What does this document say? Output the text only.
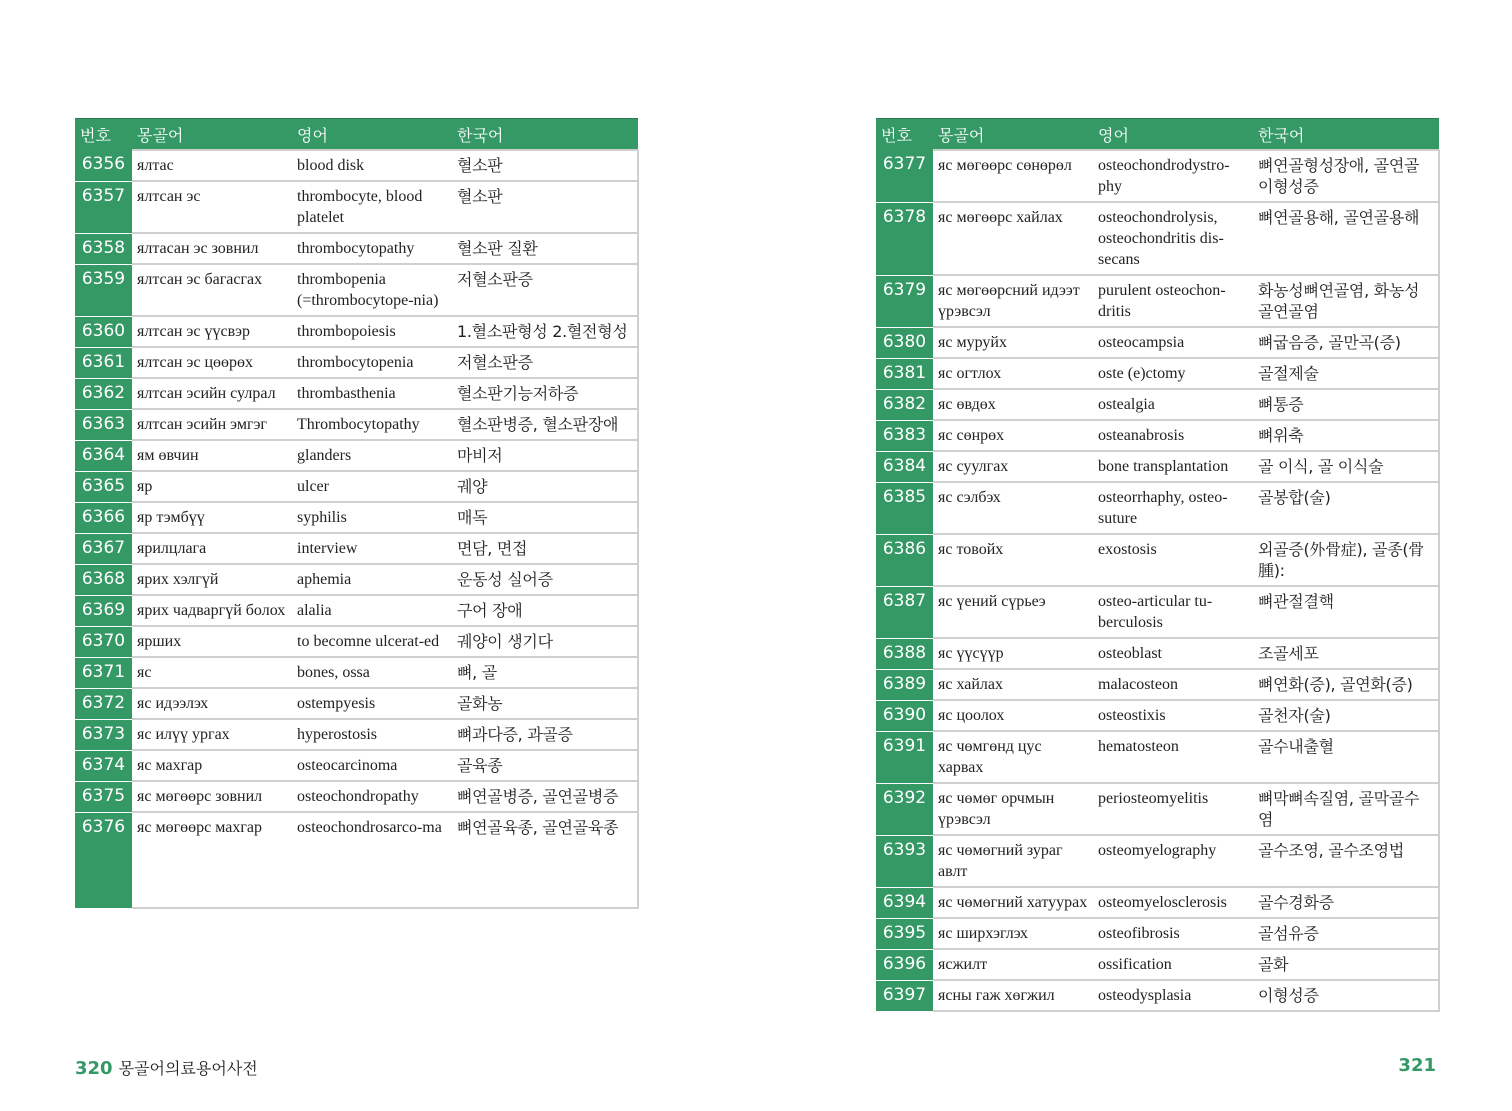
번호	몽골어	영어	한국어
6356	ялтас	blood disk	혈소판
6357	ялтсан эс	thrombocyte, blood platelet	혈소판
6358	ялтасан эс зовнил	thrombocytopathy	혈소판 질환
6359	ялтсан эс багасгах	thrombopenia (=thrombocytope-nia)	저혈소판증
6360	ялтсан эс үүсвэр	thrombopoiesis	1.혈소판형성 2.혈전형성
6361	ялтсан эс цөөрөх	thrombocytopenia	저혈소판증
6362	ялтсан эсийн сулрал	thrombasthenia	혈소판기능저하증
6363	ялтсан эсийн эмгэг	Thrombocytopathy	혈소판병증, 혈소판장애
6364	ям өвчин	glanders	마비저
6365	яр	ulcer	궤양
6366	яр тэмбүү	syphilis	매독
6367	ярилцлага	interview	면담, 면접
6368	ярих хэлгүй	aphemia	운동성 실어증
6369	ярих чадваргүй болох	alalia	구어 장애
6370	ярших	to becomne ulcerat-ed	궤양이 생기다
6371	яс	bones, ossa	뼈, 골
6372	яс идээлэх	ostempyesis	골화농
6373	яс илүү ургах	hyperostosis	뼈과다증, 과골증
6374	яс махгар	osteocarcinoma	골육종
6375	яс мөгөөрс зовнил	osteochondropathy	뼈연골병증, 골연골병증
6376	яс мөгөөрс махгар	osteochondrosarco-ma	뼈연골육종, 골연골육종
번호	몽골어	영어	한국어
6377	яс мөгөөрс сөнөрөл	osteochondrodystro-phy	뼈연골형성장애, 골연골이형성증
6378	яс мөгөөрс хайлах	osteochondrolysis, osteochondritis dis-secans	뼈연골용해, 골연골용해
6379	яс мөгөөрсний идээт үрэвсэл	purulent osteochon-dritis	화농성뼈연골염, 화농성골연골염
6380	яс муруйх	osteocampsia	뼈굽음증, 골만곡(증)
6381	яс огтлох	oste (e)ctomy	골절제술
6382	яс өвдөх	ostealgia	뼈통증
6383	яс сөнрөх	osteanabrosis	뼈위축
6384	яс суулгах	bone transplantation	골 이식, 골 이식술
6385	яс сэлбэх	osteorrhaphy, osteo-suture	골봉합(술)
6386	яс товойх	exostosis	외골증(外骨症), 골종(骨腫):
6387	яс үений сүрьеэ	osteo-articular tu-berculosis	뼈관절결핵
6388	яс үүсүүр	osteoblast	조골세포
6389	яс хайлах	malacosteon	뼈연화(증), 골연화(증)
6390	яс цоолох	osteostixis	골천자(술)
6391	яс чөмгөнд цус харвах	hematosteon	골수내출혈
6392	яс чөмөг орчмын үрэвсэл	periosteomyelitis	뼈막뼈속질염, 골막골수염
6393	яс чөмөгний зураг авлт	osteomyelography	골수조영, 골수조영법
6394	яс чөмөгний хатуурах	osteomyelosclerosis	골수경화증
6395	яс ширхэглэх	osteofibrosis	골섬유증
6396	ясжилт	ossification	골화
6397	ясны гаж хөгжил	osteodysplasia	이형성증
320 몽골어의료용어사전	321
